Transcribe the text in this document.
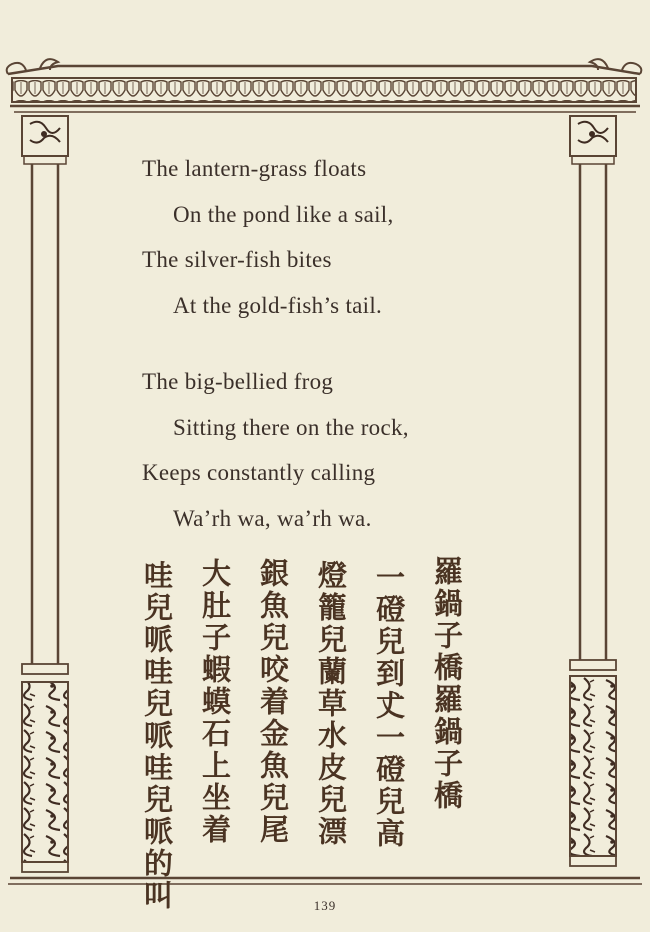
The lantern-grass floats
On the pond like a sail,
The silver-fish bites
At the gold-fish’s tail.
The big-bellied frog
Sitting there on the rock,
Keeps constantly calling
Wa’rh wa, wa’rh wa.
羅鍋子橋羅鍋子橋
一磴兒到𠀋一磴兒高
燈籠兒蘭草水皮兒漂
銀魚兒咬着金魚兒尾
大肚子蝦蟆石上坐着
哇兒哌哇兒哌哇兒哌的叫	139
